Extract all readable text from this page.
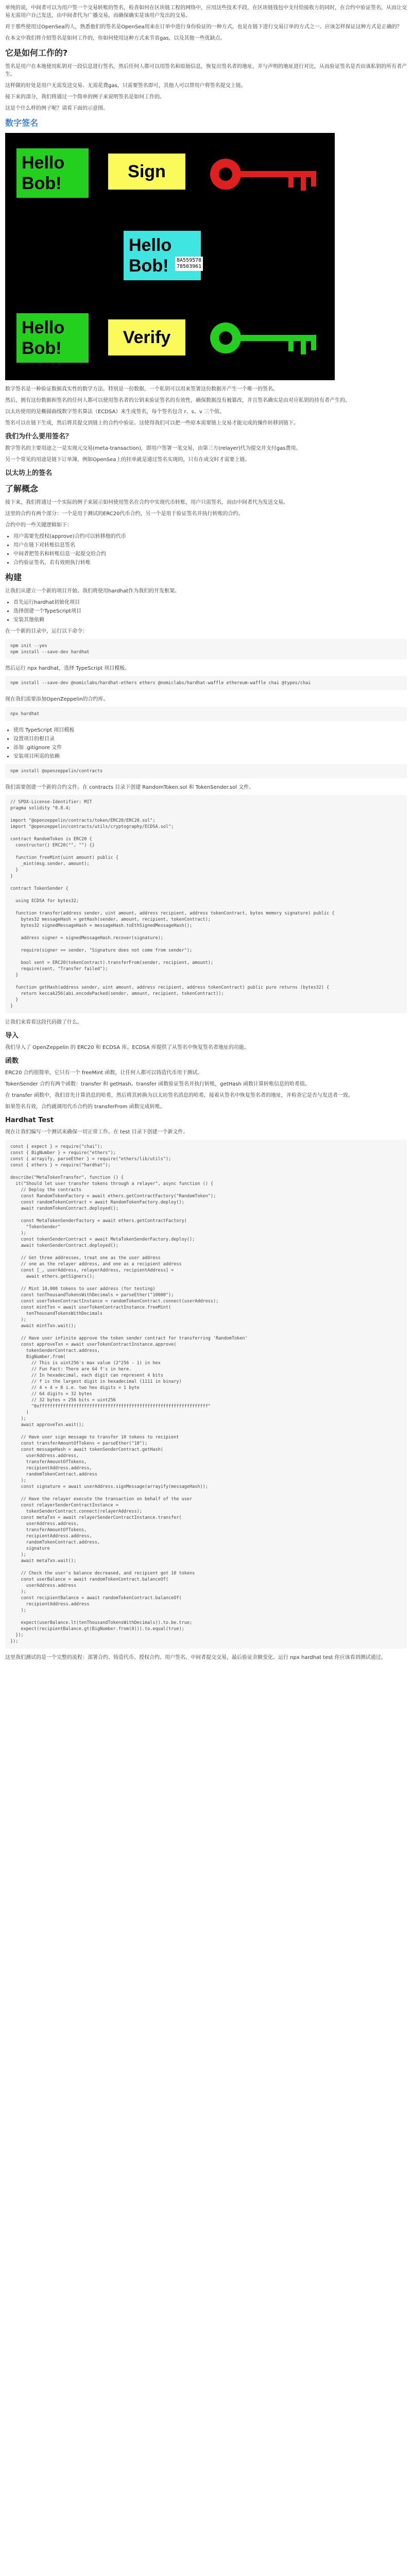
单纯的说，中间者可以为用户签一个交易转账的签名，检查如何在区块链工程的网络中，应用这些技术手段，在区块链钱包中支付给接收方的同时，在合约中验证签名，从而让交易无需用户自己发送，由中间者代为广播交易，而确保确实是该用户发出的交易。

对于那些使用过OpenSea的人，熟悉他们的签名是OpenSea用来在订单中进行身份验证的一种方式，也是在链下进行交易订单的方式之一。应该怎样保证这种方式是正确的？

在本文中我们将介绍签名是如何工作的，你如何使用这种方式来节省gas，以及其他一些优缺点。

它是如何工作的?

签名是用户在本地使用私钥对一段信息进行签名，然后任何人都可以用签名和原始信息，恢复出签名者的地址，并与声明的地址进行对比，从而验证签名是否由该私钥的所有者产生。

这样做的好处是用户无需发送交易、无需花费gas，只需要签名即可，其他人可以替用户将签名提交上链。

接下来的部分，我们将通过一个简单的例子来说明签名是如何工作的。

这是个什么样的例子呢？请看下面的示意图。

数字签名
Hello
Bob!
Sign
Hello
Bob!	8A559578
78503961
Hello
Bob!
Verify

数字签名是一种验证数据真实性的数学方法。特别是一份数据，一个私钥可以用来签署这份数据并产生一个唯一的签名。

然后，拥有这份数据和签名的任何人都可以使用签名者的公钥来验证签名的有效性，确保数据没有被篡改，并且签名确实是由对应私钥的持有者产生的。

以太坊使用的是椭圆曲线数字签名算法（ECDSA）来生成签名，每个签名包含 r、s、v 三个值。

签名可以在链下生成，然后将其提交到链上的合约中验证。这使得我们可以把一些原本需要链上交易才能完成的操作转移到链下。

我们为什么要用签名？

数字签名的主要用途之一是实现元交易(meta-transaction)，即用户签署一笔交易，由第三方(relayer)代为提交并支付gas费用。

另一个常见的用途是链下订单簿，例如OpenSea上的挂单就是通过签名实现的，只有在成交时才需要上链。

以太坊上的签名
了解概念

接下来，我们将通过一个实际的例子来展示如何使用签名在合约中实现代币转账，用户只需签名，而由中间者代为发送交易。

这里的合约有两个部分：一个是用于测试的ERC20代币合约，另一个是用于验证签名并执行转账的合约。

合约中的一些关键逻辑如下：

• 用户需要先授权(approve)合约可以转移他的代币
• 用户在链下对转账信息签名
• 中间者把签名和转账信息一起提交给合约
• 合约验证签名，若有效则执行转账
构建

让我们从建立一个新的项目开始。我们将使用hardhat作为我们的开发框架。

• 首先运行hardhat初始化项目
• 选择创建一个TypeScript项目
• 安装其他依赖

在一个新的目录中，运行以下命令：

npm init --yes
npm install --save-dev hardhat

然后运行 npx hardhat，选择 TypeScript 项目模板。

npm install --save-dev @nomiclabs/hardhat-ethers ethers @nomiclabs/hardhat-waffle ethereum-waffle chai @types/chai

现在我们需要添加OpenZeppelin的合约库。

npx hardhat
• 使用 TypeScript 项目模板
• 设置项目的根目录
• 添加 .gitignore 文件
• 安装项目所需的依赖
npm install @openzeppelin/contracts

我们需要创建一个新的合约文件。在 contracts 目录下创建 RandomToken.sol 和 TokenSender.sol 文件。

// SPDX-License-Identifier: MIT
pragma solidity ^0.8.4;

import "@openzeppelin/contracts/token/ERC20/ERC20.sol";
import "@openzeppelin/contracts/utils/cryptography/ECDSA.sol";

contract RandomToken is ERC20 {
constructor() ERC20("", "") {}

function freeMint(uint amount) public {
_mint(msg.sender, amount);
}
}

contract TokenSender {

using ECDSA for bytes32;

function transfer(address sender, uint amount, address recipient, address tokenContract, bytes memory signature) public {
bytes32 messageHash = getHash(sender, amount, recipient, tokenContract);
bytes32 signedMessageHash = messageHash.toEthSignedMessageHash();

address signer = signedMessageHash.recover(signature);

require(signer == sender, "Signature does not come from sender");

bool sent = ERC20(tokenContract).transferFrom(sender, recipient, amount);
require(sent, "Transfer failed");
}

function getHash(address sender, uint amount, address recipient, address tokenContract) public pure returns (bytes32) {
return keccak256(abi.encodePacked(sender, amount, recipient, tokenContract));
}
}

让我们来看看这段代码做了什么。

导入

我们导入了 OpenZeppelin 的 ERC20 和 ECDSA 库。ECDSA 库提供了从签名中恢复签名者地址的功能。

函数

ERC20 合约很简单，它只有一个 freeMint 函数，让任何人都可以铸造代币用于测试。

TokenSender 合约有两个函数：transfer 和 getHash。transfer 函数验证签名并执行转账，getHash 函数计算转账信息的哈希值。

在 transfer 函数中，我们首先计算消息的哈希，然后将其转换为以太坊签名消息的哈希，接着从签名中恢复签名者的地址，并检查它是否与发送者一致。

如果签名有效，合约就调用代币合约的 transferFrom 函数完成转账。

Hardhat Test

现在让我们编写一个测试来确保一切正常工作。在 test 目录下创建一个新文件。

const { expect } = require("chai");
const { BigNumber } = require("ethers");
const { arrayify, parseEther } = require("ethers/lib/utils");
const { ethers } = require("hardhat");

describe("MetaTokenTransfer", function () {
it("Should let user transfer tokens through a relayer", async function () {
// Deploy the contracts
const RandomTokenFactory = await ethers.getContractFactory("RandomToken");
const randomTokenContract = await RandomTokenFactory.deploy();
await randomTokenContract.deployed();

const MetaTokenSenderFactory = await ethers.getContractFactory(
"TokenSender"
);
const tokenSenderContract = await MetaTokenSenderFactory.deploy();
await tokenSenderContract.deployed();

// Get three addresses, treat one as the user address
// one as the relayer address, and one as a recipient address
const [_, userAddress, relayerAddress, recipientAddress] =
await ethers.getSigners();

// Mint 10,000 tokens to user address (for testing)
const tenThousandTokensWithDecimals = parseEther("10000");
const userTokenContractInstance = randomTokenContract.connect(userAddress);
const mintTxn = await userTokenContractInstance.freeMint(
tenThousandTokensWithDecimals
);
await mintTxn.wait();

// Have user infinite approve the token sender contract for transferring 'RandomToken'
const approveTxn = await userTokenContractInstance.approve(
tokenSenderContract.address,
BigNumber.from(
// This is uint256's max value (2^256 - 1) in hex
// Fun Fact: There are 64 f's in here.
// In hexadecimal, each digit can represent 4 bits
// f is the largest digit in hexadecimal (1111 in binary)
// 4 + 4 = 8 i.e. two hex digits = 1 byte
// 64 digits = 32 bytes
// 32 bytes = 256 bits = uint256
"0xffffffffffffffffffffffffffffffffffffffffffffffffffffffffffffffff"
)
);
await approveTxn.wait();

// Have user sign message to transfer 10 tokens to recipient
const transferAmountOfTokens = parseEther("10");
const messageHash = await tokenSenderContract.getHash(
userAddress.address,
transferAmountOfTokens,
recipientAddress.address,
randomTokenContract.address
);
const signature = await userAddress.signMessage(arrayify(messageHash));

// Have the relayer execute the transaction on behalf of the user
const relayerSenderContractInstance =
tokenSenderContract.connect(relayerAddress);
const metaTxn = await relayerSenderContractInstance.transfer(
userAddress.address,
transferAmountOfTokens,
recipientAddress.address,
randomTokenContract.address,
signature
);
await metaTxn.wait();

// Check the user's balance decreased, and recipient got 10 tokens
const userBalance = await randomTokenContract.balanceOf(
userAddress.address
);
const recipientBalance = await randomTokenContract.balanceOf(
recipientAddress.address
);

expect(userBalance.lt(tenThousandTokensWithDecimals)).to.be.true;
expect(recipientBalance.gt(BigNumber.from(0))).to.equal(true);
});
});

这里我们测试的是一个完整的流程：部署合约、铸造代币、授权合约、用户签名、中间者提交交易，最后验证余额变化。运行 npx hardhat test 你应该看到测试通过。
